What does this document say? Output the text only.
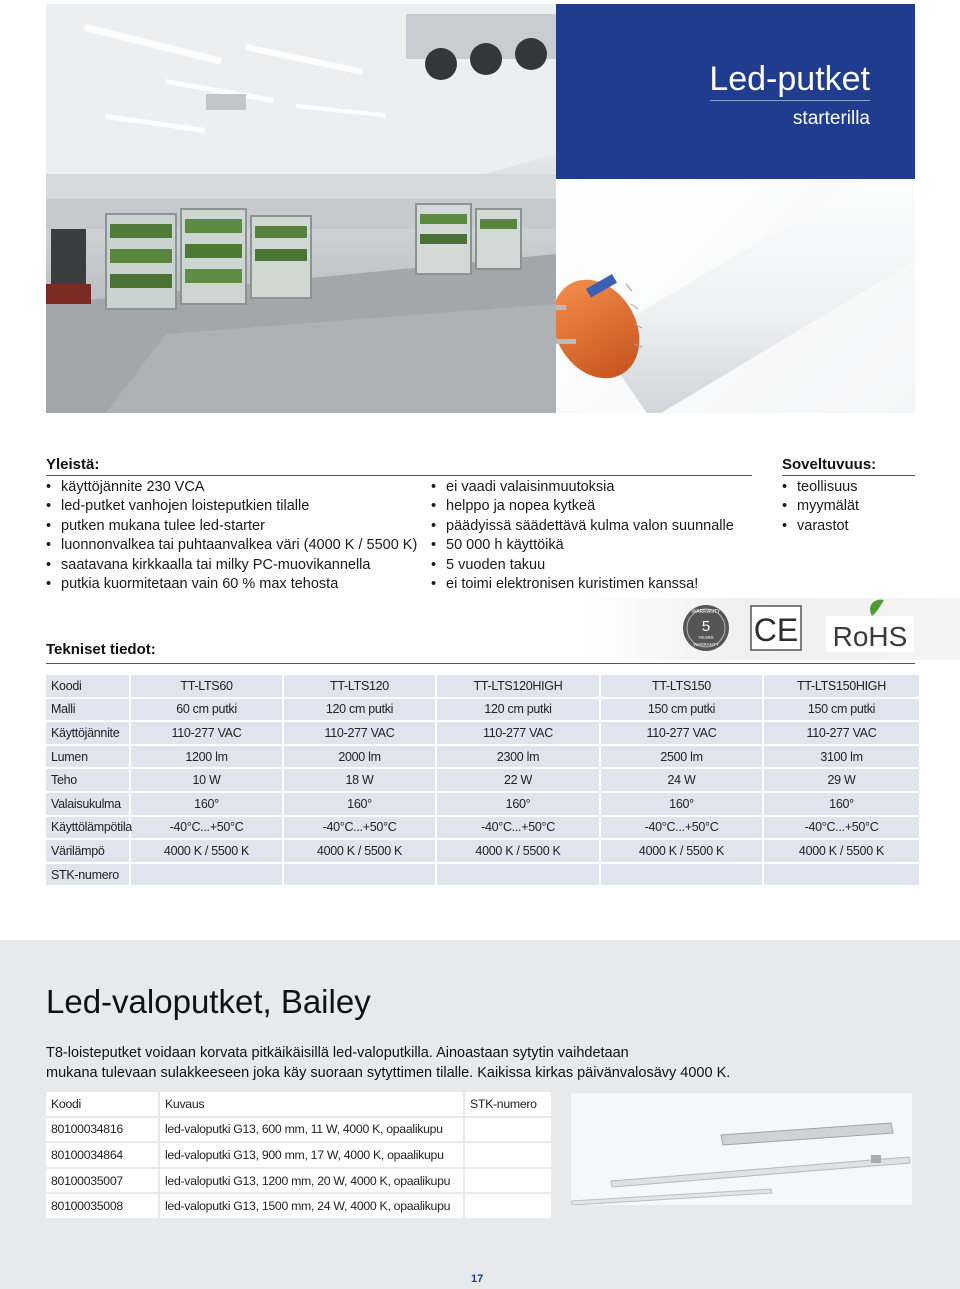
Led-putket
starterilla
Yleistä:
• käyttöjännite 230 VCA
• led-putket vanhojen loisteputkien tilalle
• putken mukana tulee led-starter
• luonnonvalkea tai puhtaanvalkea väri (4000 K / 5500 K)
• saatavana kirkkaalla tai milky PC-muovikannella
• putkia kuormitetaan vain 60 % max tehosta
• ei vaadi valaisinmuutoksia
• helppo ja nopea kytkeä
• päädyissä säädettävä kulma valon suunnalle
• 50 000 h käyttöikä
• 5 vuoden takuu
• ei toimi elektronisen kuristimen kanssa!
Soveltuvuus:
• teollisuus
• myymälät
• varastot
WARRANTY
5
YEARS
WARRANTY CE RoHS
Tekniset tiedot:
Koodi	TT-LTS60	TT-LTS120	TT-LTS120HIGH	TT-LTS150	TT-LTS150HIGH
Malli	60 cm putki	120 cm putki	120 cm putki	150 cm putki	150 cm putki
Käyttöjännite	110-277 VAC	110-277 VAC	110-277 VAC	110-277 VAC	110-277 VAC
Lumen	1200 lm	2000 lm	2300 lm	2500 lm	3100 lm
Teho	10 W	18 W	22 W	24 W	29 W
Valaisukulma	160°	160°	160°	160°	160°
Käyttölämpötila	-40°C...+50°C	-40°C...+50°C	-40°C...+50°C	-40°C...+50°C	-40°C...+50°C
Värilämpö	4000 K / 5500 K	4000 K / 5500 K	4000 K / 5500 K	4000 K / 5500 K	4000 K / 5500 K
STK-numero					
Led-valoputket, Bailey
T8-loisteputket voidaan korvata pitkäikäisillä led-valoputkilla. Ainoastaan sytytin vaihdetaan
mukana tulevaan sulakkeeseen joka käy suoraan sytyttimen tilalle. Kaikissa kirkas päivänvalosävy 4000 K.
Koodi	Kuvaus	STK-numero
80100034816	led-valoputki G13, 600 mm, 11 W, 4000 K, opaalikupu	
80100034864	led-valoputki G13, 900 mm, 17 W, 4000 K, opaalikupu	
80100035007	led-valoputki G13, 1200 mm, 20 W, 4000 K, opaalikupu	
80100035008	led-valoputki G13, 1500 mm, 24 W, 4000 K, opaalikupu	
17
